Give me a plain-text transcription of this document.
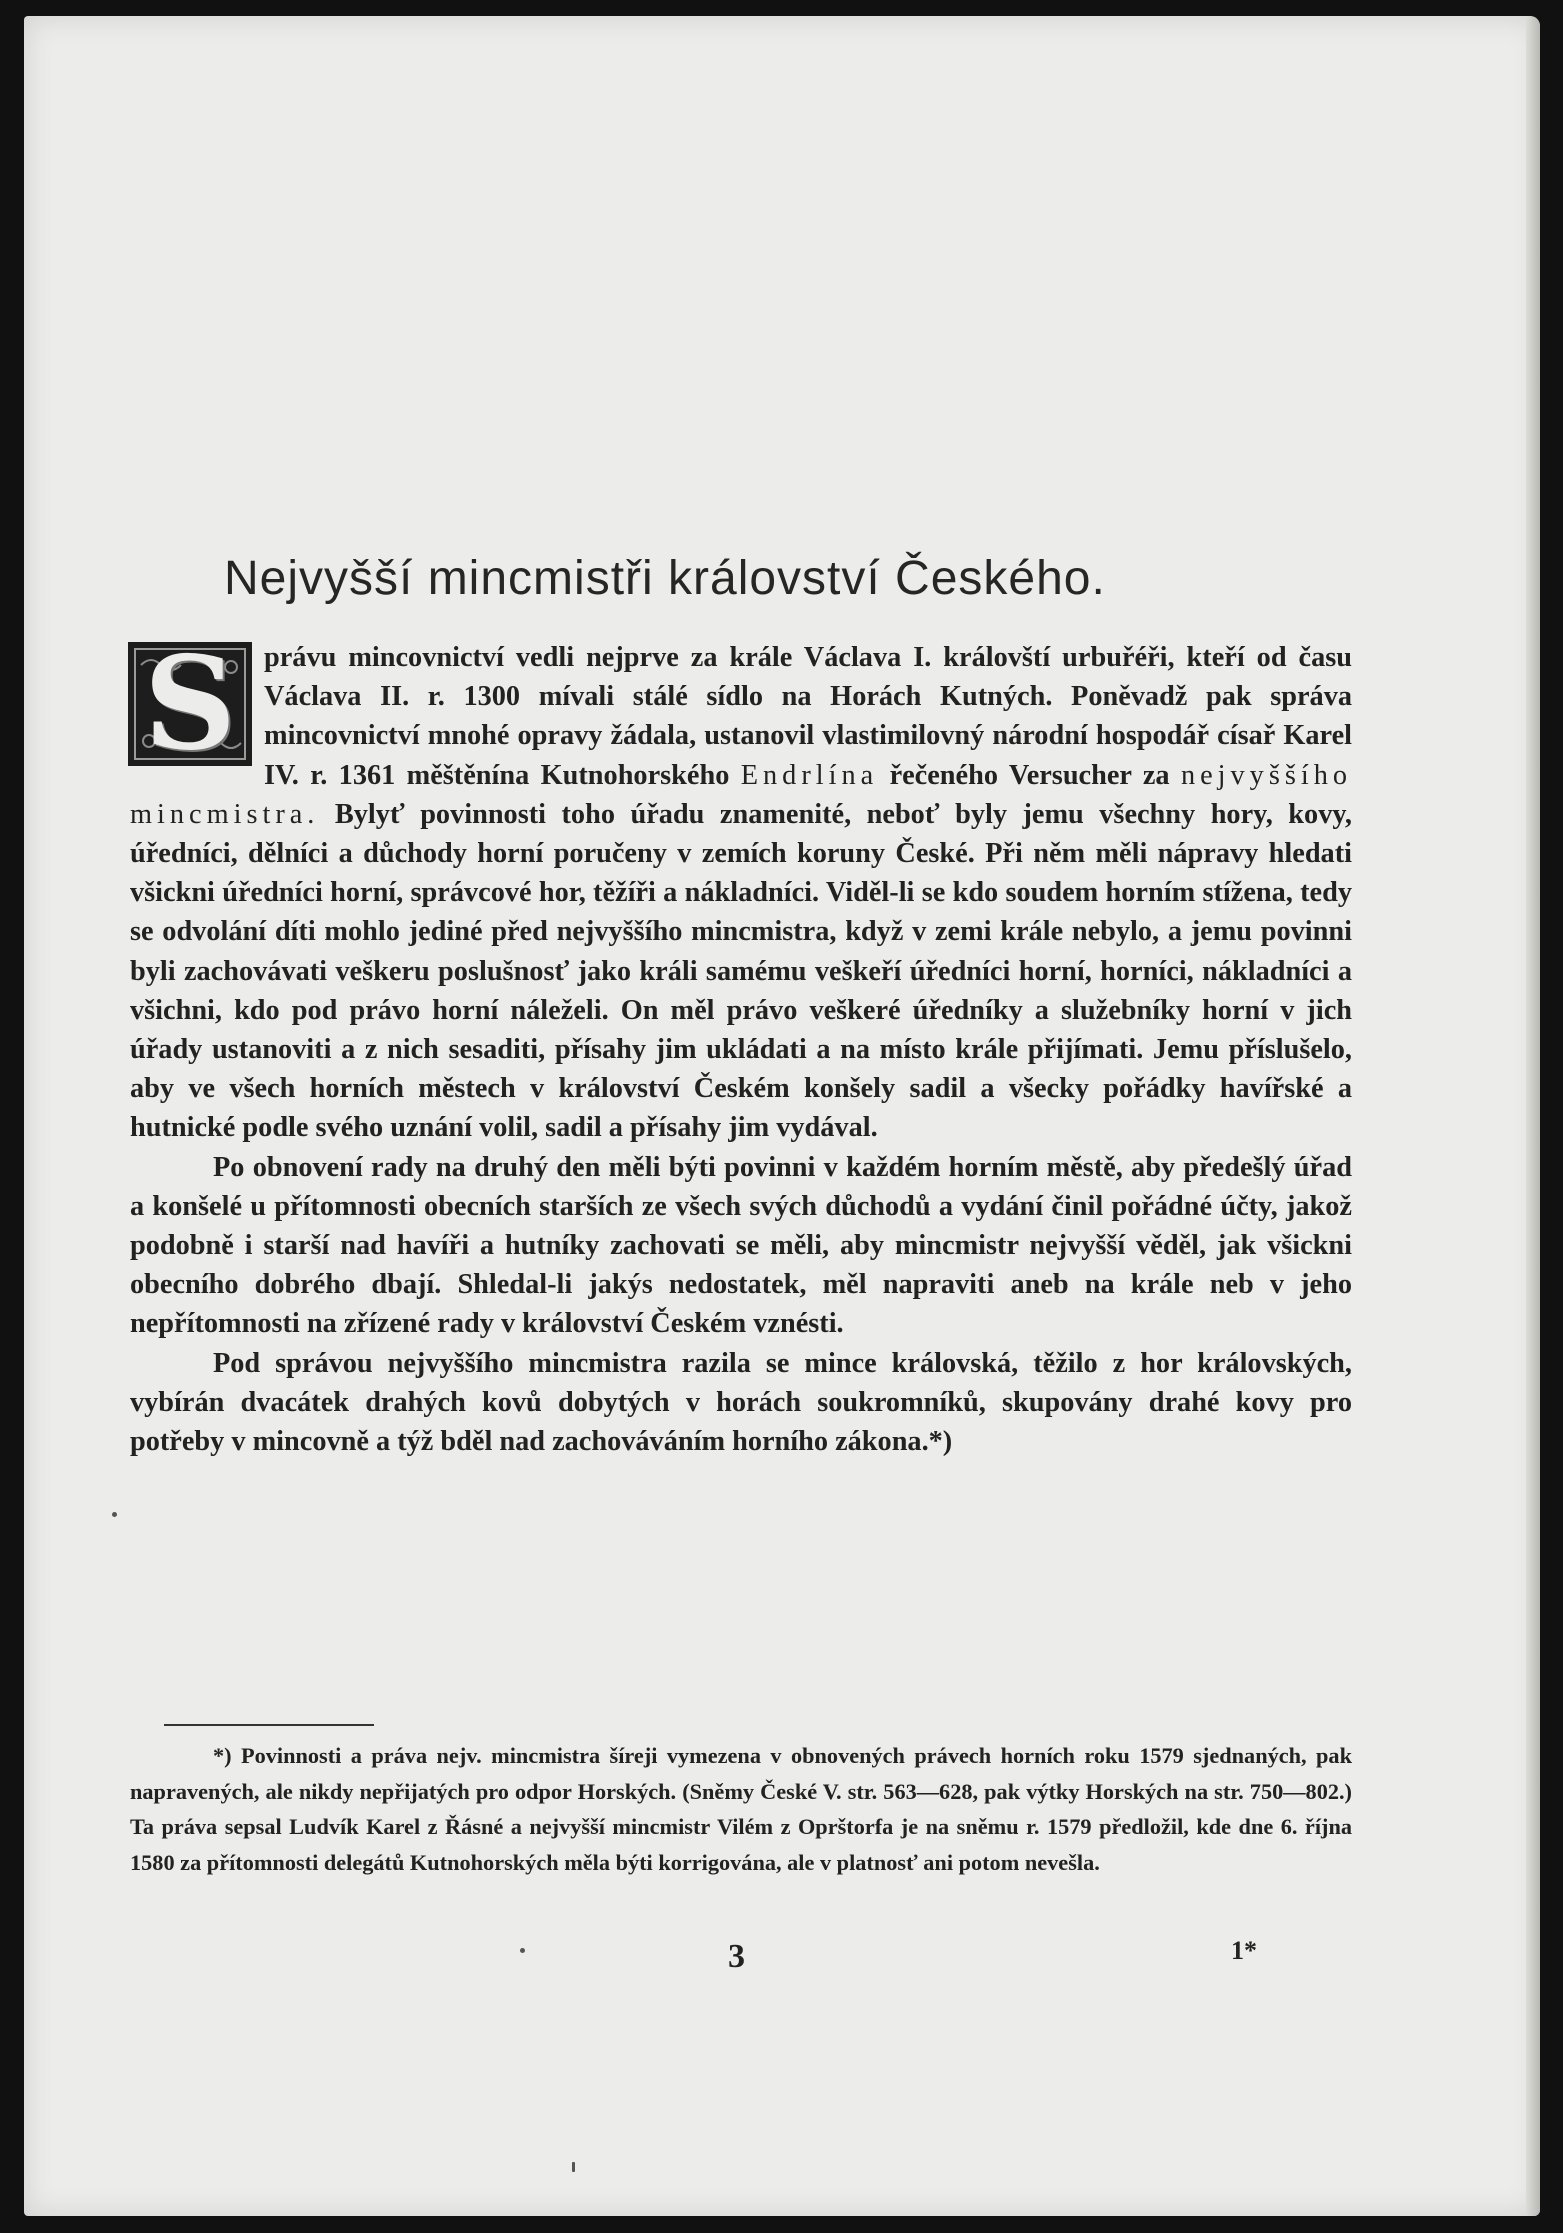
Nejvyšší mincmistři království Českého.

S právu mincovnictví vedli nejprve za krále Václava I. královští urbuřéři, kteří od času Václava II. r. 1300 mívali stálé sídlo na Horách Kutných. Poněvadž pak správa mincovnictví mnohé opravy žádala, ustanovil vlastimilovný národní hospodář císař Karel IV. r. 1361 měštěnína Kutnohorského Endrlína řečeného Versucher za nejvyššího mincmistra. Bylyť povinnosti toho úřadu znamenité, neboť byly jemu všechny hory, kovy, úředníci, dělníci a důchody horní poručeny v zemích koruny České. Při něm měli nápravy hledati všickni úředníci horní, správcové hor, těžíři a nákladníci. Viděl-li se kdo soudem horním stížena, tedy se odvolání díti mohlo jediné před nejvyššího mincmistra, když v zemi krále nebylo, a jemu povinni byli zachovávati veškeru poslušnosť jako králi samému veškeří úředníci horní, horníci, nákladníci a všichni, kdo pod právo horní náleželi. On měl právo veškeré úředníky a služebníky horní v jich úřady ustanoviti a z nich sesaditi, přísahy jim ukládati a na místo krále přijímati. Jemu příslušelo, aby ve všech horních městech v království Českém konšely sadil a všecky pořádky havířské a hutnické podle svého uznání volil, sadil a přísahy jim vydával.

Po obnovení rady na druhý den měli býti povinni v každém horním městě, aby předešlý úřad a konšelé u přítomnosti obecních starších ze všech svých důchodů a vydání činil pořádné účty, jakož podobně i starší nad havíři a hutníky zachovati se měli, aby mincmistr nejvyšší věděl, jak všickni obecního dobrého dbají. Shledal-li jakýs nedostatek, měl napraviti aneb na krále neb v jeho nepřítomnosti na zřízené rady v království Českém vznésti.

Pod správou nejvyššího mincmistra razila se mince královská, těžilo z hor královských, vybírán dvacátek drahých kovů dobytých v horách soukromníků, skupovány drahé kovy pro potřeby v mincovně a týž bděl nad zachováváním horního zákona.*)

*) Povinnosti a práva nejv. mincmistra šíreji vymezena v obnovených právech horních roku 1579 sjednaných, pak napravených, ale nikdy nepřijatých pro odpor Horských. (Sněmy České V. str. 563—628, pak výtky Horských na str. 750—802.) Ta práva sepsal Ludvík Karel z Řásné a nejvyšší mincmistr Vilém z Oprštorfa je na sněmu r. 1579 předložil, kde dne 6. října 1580 za přítomnosti delegátů Kutnohorských měla býti korrigována, ale v platnosť ani potom nevešla.
3	1*
